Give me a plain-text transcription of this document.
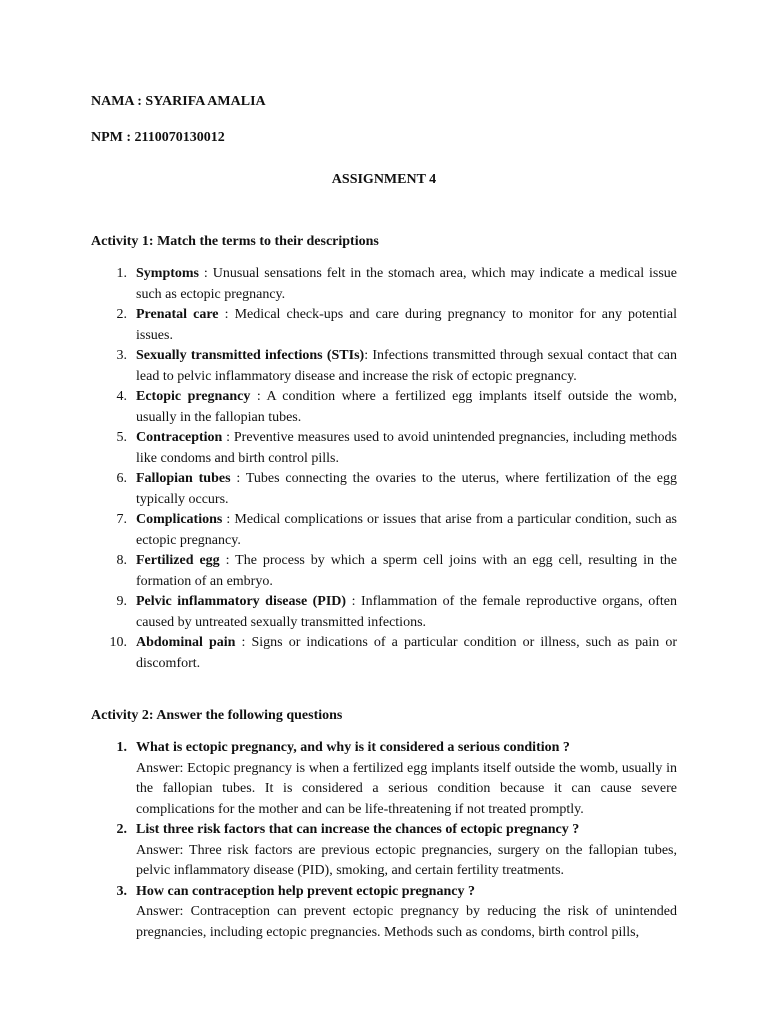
NAMA : SYARIFA AMALIA

NPM : 2110070130012

ASSIGNMENT 4

Activity 1: Match the terms to their descriptions

1. Symptoms : Unusual sensations felt in the stomach area, which may indicate a medical issue such as ectopic pregnancy.
2. Prenatal care : Medical check-ups and care during pregnancy to monitor for any potential issues.
3. Sexually transmitted infections (STIs): Infections transmitted through sexual contact that can lead to pelvic inflammatory disease and increase the risk of ectopic pregnancy.
4. Ectopic pregnancy : A condition where a fertilized egg implants itself outside the womb, usually in the fallopian tubes.
5. Contraception : Preventive measures used to avoid unintended pregnancies, including methods like condoms and birth control pills.
6. Fallopian tubes : Tubes connecting the ovaries to the uterus, where fertilization of the egg typically occurs.
7. Complications : Medical complications or issues that arise from a particular condition, such as ectopic pregnancy.
8. Fertilized egg : The process by which a sperm cell joins with an egg cell, resulting in the formation of an embryo.
9. Pelvic inflammatory disease (PID) : Inflammation of the female reproductive organs, often caused by untreated sexually transmitted infections.
10. Abdominal pain : Signs or indications of a particular condition or illness, such as pain or discomfort.

Activity 2: Answer the following questions

1. What is ectopic pregnancy, and why is it considered a serious condition ?
Answer: Ectopic pregnancy is when a fertilized egg implants itself outside the womb, usually in the fallopian tubes. It is considered a serious condition because it can cause severe complications for the mother and can be life-threatening if not treated promptly.
2. List three risk factors that can increase the chances of ectopic pregnancy ?
Answer: Three risk factors are previous ectopic pregnancies, surgery on the fallopian tubes, pelvic inflammatory disease (PID), smoking, and certain fertility treatments.
3. How can contraception help prevent ectopic pregnancy ?
Answer: Contraception can prevent ectopic pregnancy by reducing the risk of unintended pregnancies, including ectopic pregnancies. Methods such as condoms, birth control pills,
